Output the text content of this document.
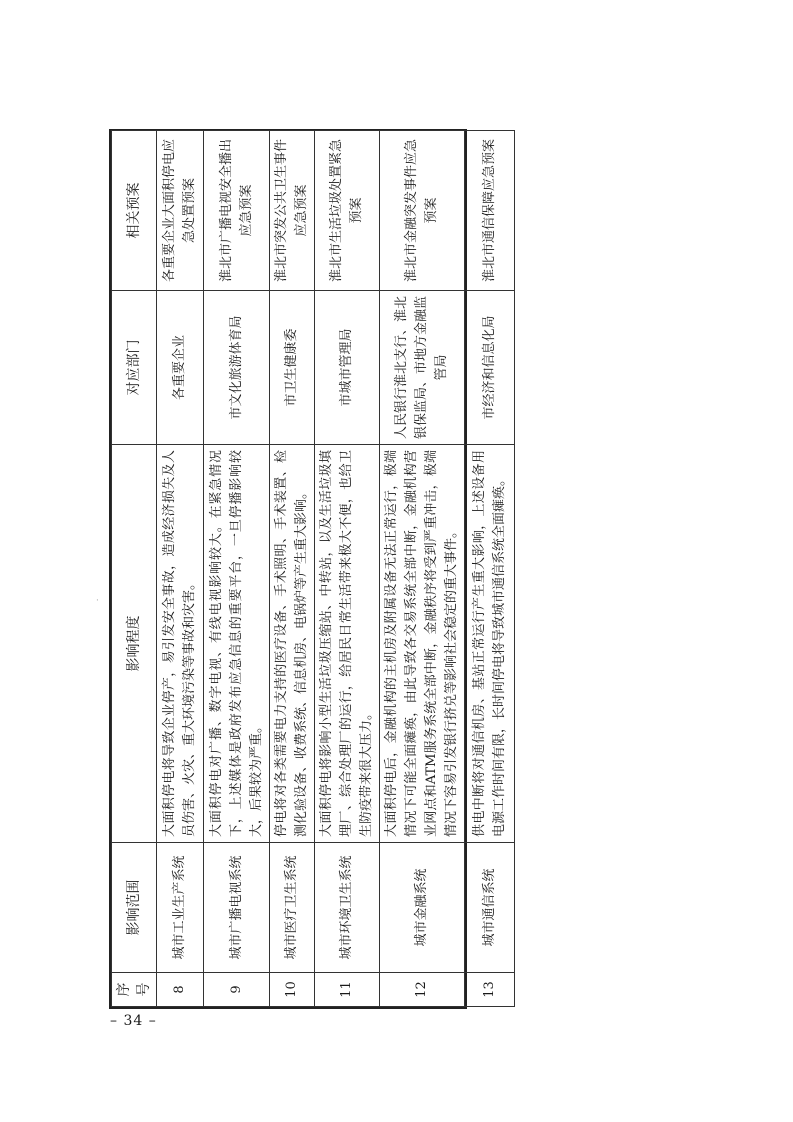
序号	影响范围	影响程度	对应部门	相关预案
8	城市工业生产系统	大面积停电将导致企业停产，易引发安全事故，造成经济损失及人员伤害、火灾、重大环境污染等事故和灾害。	各重要企业	各重要企业大面积停电应急处置预案
9	城市广播电视系统	大面积停电对广播、数字电视、有线电视影响较大。在紧急情况下，上述媒体是政府发布应急信息的重要平台，一旦停播影响较大，后果较为严重。	市文化旅游体育局	淮北市广播电视安全播出应急预案
10	城市医疗卫生系统	停电将对各类需要电力支持的医疗设备、手术照明、手术装置、检测化验设备、收费系统、信息机房、电锅炉等产生重大影响。	市卫生健康委	淮北市突发公共卫生事件应急预案
11	城市环境卫生系统	大面积停电将影响小型生活垃圾压缩站、中转站，以及生活垃圾填埋厂、综合处理厂的运行，给居民日常生活带来极大不便，也给卫生防疫带来很大压力。	市城市管理局	淮北市生活垃圾处置紧急预案
12	城市金融系统	大面积停电后，金融机构的主机房及附属设备无法正常运行，极端情况下可能全面瘫痪，由此导致各交易系统全部中断，金融机构营业网点和ATM服务系统全部中断，金融秩序将受到严重冲击，极端情况下容易引发银行挤兑等影响社会稳定的重大事件。	人民银行淮北支行、淮北银保监局、市地方金融监管局	淮北市金融突发事件应急预案
13	城市通信系统	供电中断将对通信机房、基站正常运行产生重大影响，上述设备用电源工作时间有限，长时间停电将导致城市通信系统全面瘫痪。	市经济和信息化局	淮北市通信保障应急预案
·
– 34 –
